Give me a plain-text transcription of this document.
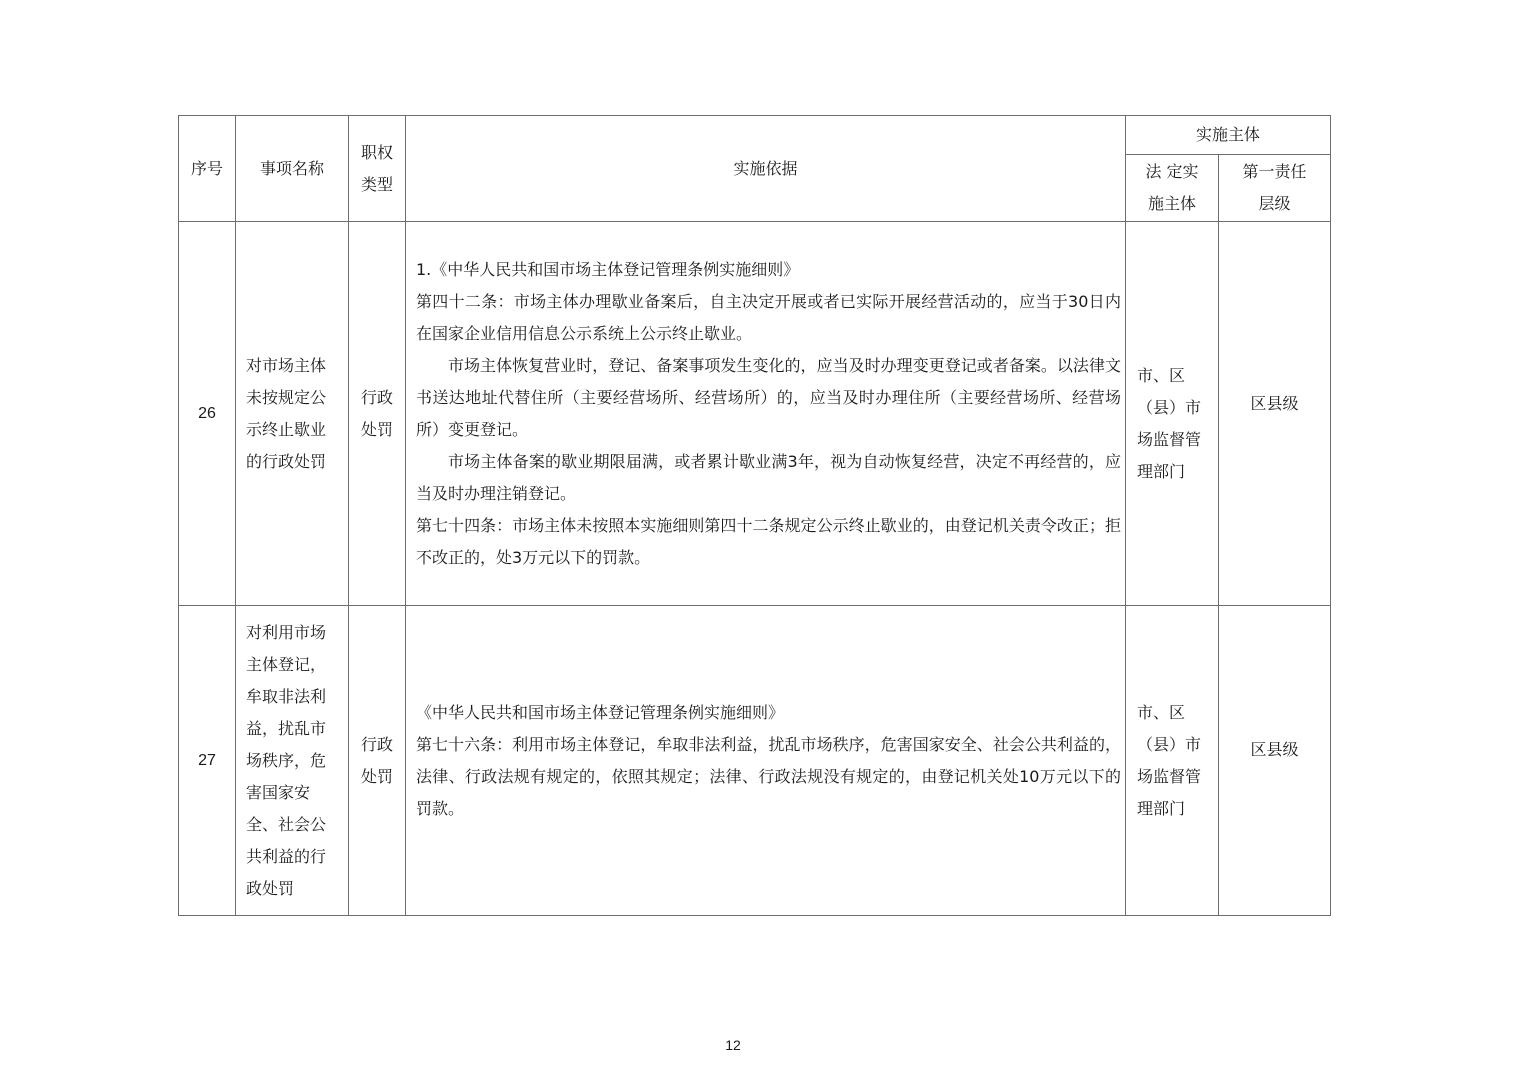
序号	事项名称	职权类型	实施依据	实施主体	
				法 定实施主体	第一责任层级
26	对市场主体未按规定公示终止歇业的行政处罚	行政处罚	1.《中华人民共和国市场主体登记管理条例实施细则》

第四十二条：市场主体办理歇业备案后，自主决定开展或者已实际开展经营活动的，应当于30日内在国家企业信用信息公示系统上公示终止歇业。

市场主体恢复营业时，登记、备案事项发生变化的，应当及时办理变更登记或者备案。以法律文书送达地址代替住所（主要经营场所、经营场所）的，应当及时办理住所（主要经营场所、经营场所）变更登记。

市场主体备案的歇业期限届满，或者累计歇业满3年，视为自动恢复经营，决定不再经营的，应当及时办理注销登记。

第七十四条：市场主体未按照本实施细则第四十二条规定公示终止歇业的，由登记机关责令改正；拒不改正的，处3万元以下的罚款。	市、区（县）市场监督管理部门	区县级

27	对利用市场主体登记，牟取非法利益，扰乱市场秩序，危害国家安全、社会公共利益的行政处罚	行政处罚	《中华人民共和国市场主体登记管理条例实施细则》

第七十六条：利用市场主体登记，牟取非法利益，扰乱市场秩序，危害国家安全、社会公共利益的，法律、行政法规有规定的，依照其规定；法律、行政法规没有规定的，由登记机关处10万元以下的罚款。	市、区（县）市场监督管理部门	区县级
12
